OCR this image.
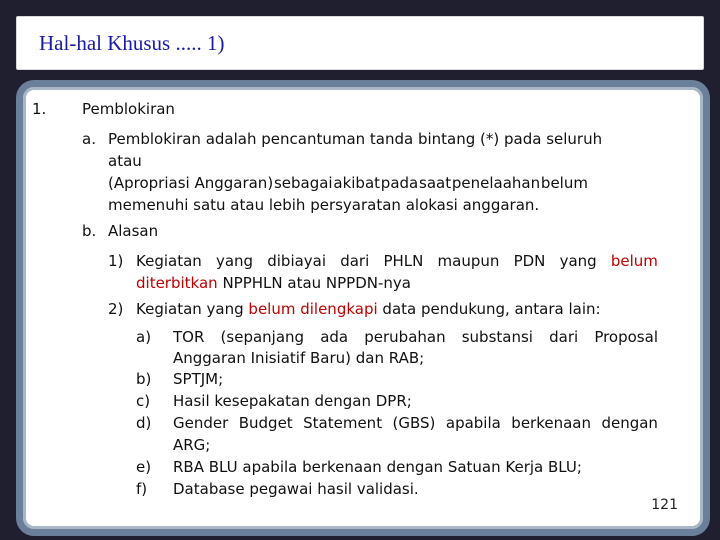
Hal-hal Khusus ..... 1)
1. Pemblokiran
a. Pemblokiran adalah pencantuman tanda bintang (*) pada seluruh
atau
(Apropriasi Anggaran) sebagai akibat pada saat penelaahan belum
memenuhi satu atau lebih persyaratan alokasi anggaran.
b. Alasan
1) Kegiatan yang dibiayai dari PHLN maupun PDN yang belum
diterbitkan NPPHLN atau NPPDN-nya
2) Kegiatan yang belum dilengkapi data pendukung, antara lain:
a) TOR (sepanjang ada perubahan substansi dari Proposal
Anggaran Inisiatif Baru) dan RAB;
b) SPTJM;
c) Hasil kesepakatan dengan DPR;
d) Gender Budget Statement (GBS) apabila berkenaan dengan
ARG;
e) RBA BLU apabila berkenaan dengan Satuan Kerja BLU;
f) Database pegawai hasil validasi.
121
